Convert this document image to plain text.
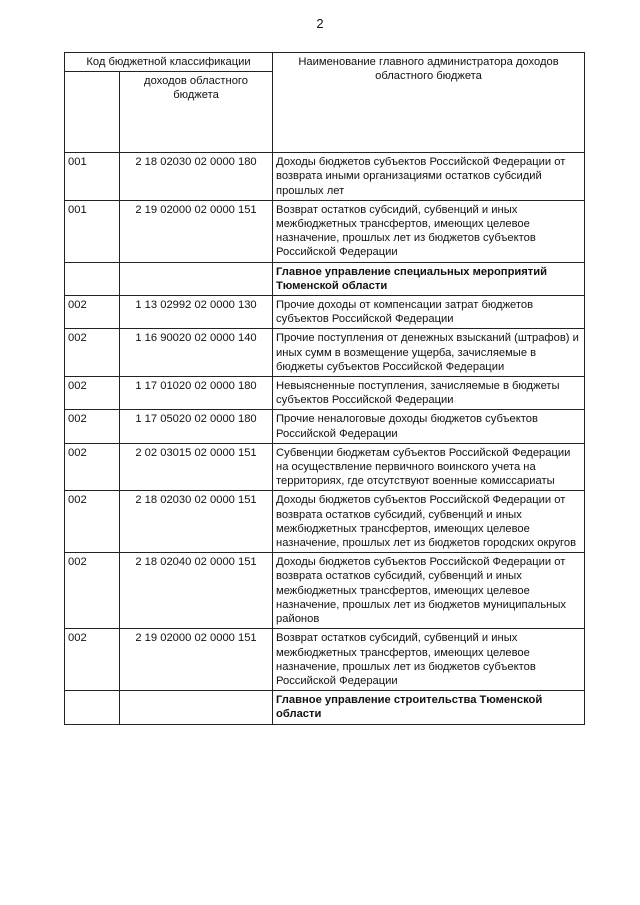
2
Код бюджетной классификации		Наименование главного администратора доходов областного бюджета
	доходов областного бюджета	
001	2 18 02030 02 0000 180	Доходы бюджетов субъектов Российской Федерации от возврата иными организациями остатков субсидий прошлых лет
001	2 19 02000 02 0000 151	Возврат остатков субсидий, субвенций и иных межбюджетных трансфертов, имеющих целевое назначение, прошлых лет из бюджетов субъектов Российской Федерации
		Главное управление специальных мероприятий Тюменской области
002	1 13 02992 02 0000 130	Прочие доходы от компенсации затрат бюджетов субъектов Российской Федерации
002	1 16 90020 02 0000 140	Прочие поступления от денежных взысканий (штрафов) и иных сумм в возмещение ущерба, зачисляемые в бюджеты субъектов Российской Федерации
002	1 17 01020 02 0000 180	Невыясненные поступления, зачисляемые в бюджеты субъектов Российской Федерации
002	1 17 05020 02 0000 180	Прочие неналоговые доходы бюджетов субъектов Российской Федерации
002	2 02 03015 02 0000 151	Субвенции бюджетам субъектов Российской Федерации на осуществление первичного воинского учета на территориях, где отсутствуют военные комиссариаты
002	2 18 02030 02 0000 151	Доходы бюджетов субъектов Российской Федерации от возврата остатков субсидий, субвенций и иных межбюджетных трансфертов, имеющих целевое назначение, прошлых лет из бюджетов городских округов
002	2 18 02040 02 0000 151	Доходы бюджетов субъектов Российской Федерации от возврата остатков субсидий, субвенций и иных межбюджетных трансфертов, имеющих целевое назначение, прошлых лет из бюджетов муниципальных районов
002	2 19 02000 02 0000 151	Возврат остатков субсидий, субвенций и иных межбюджетных трансфертов, имеющих целевое назначение, прошлых лет из бюджетов субъектов Российской Федерации
		Главное управление строительства Тюменской области
